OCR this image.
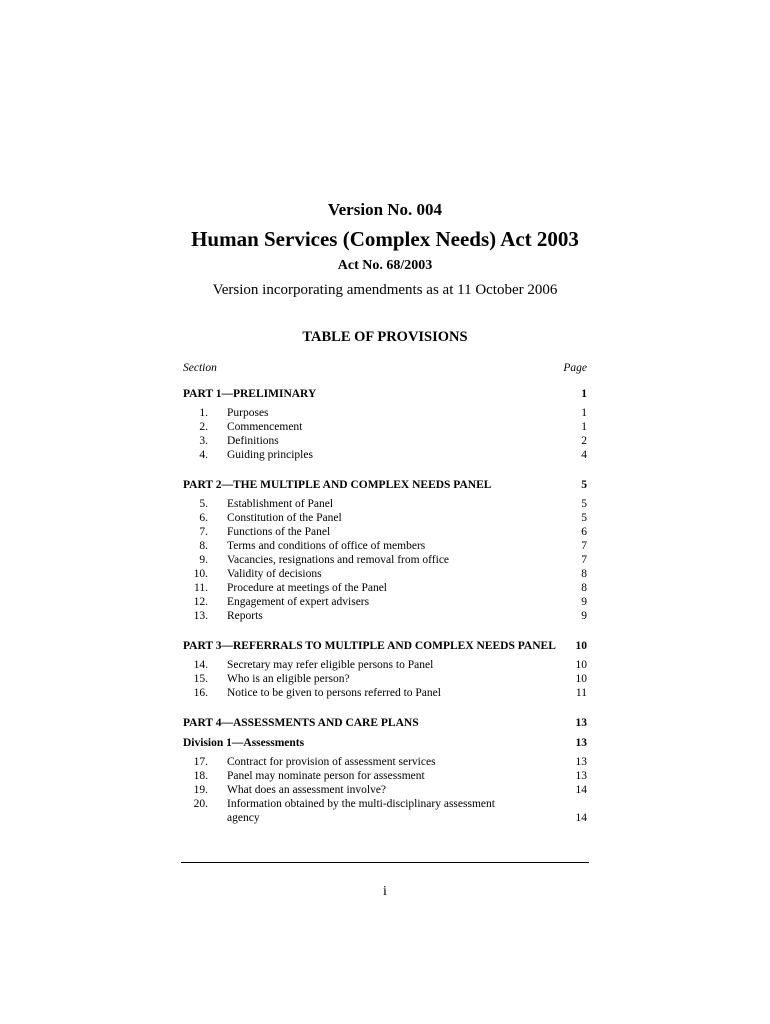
Version No. 004
Human Services (Complex Needs) Act 2003
Act No. 68/2003
Version incorporating amendments as at 11 October 2006
TABLE OF PROVISIONS
Section	Page
PART 1—PRELIMINARY	1
1. Purposes	1
2. Commencement	1
3. Definitions	2
4. Guiding principles	4
PART 2—THE MULTIPLE AND COMPLEX NEEDS PANEL	5
5. Establishment of Panel	5
6. Constitution of the Panel	5
7. Functions of the Panel	6
8. Terms and conditions of office of members	7
9. Vacancies, resignations and removal from office	7
10. Validity of decisions	8
11. Procedure at meetings of the Panel	8
12. Engagement of expert advisers	9
13. Reports	9
PART 3—REFERRALS TO MULTIPLE AND COMPLEX NEEDS PANEL	10
14. Secretary may refer eligible persons to Panel	10
15. Who is an eligible person?	10
16. Notice to be given to persons referred to Panel	11
PART 4—ASSESSMENTS AND CARE PLANS	13
Division 1—Assessments	13
17. Contract for provision of assessment services	13
18. Panel may nominate person for assessment	13
19. What does an assessment involve?	14
20. Information obtained by the multi-disciplinary assessment agency	14
i
